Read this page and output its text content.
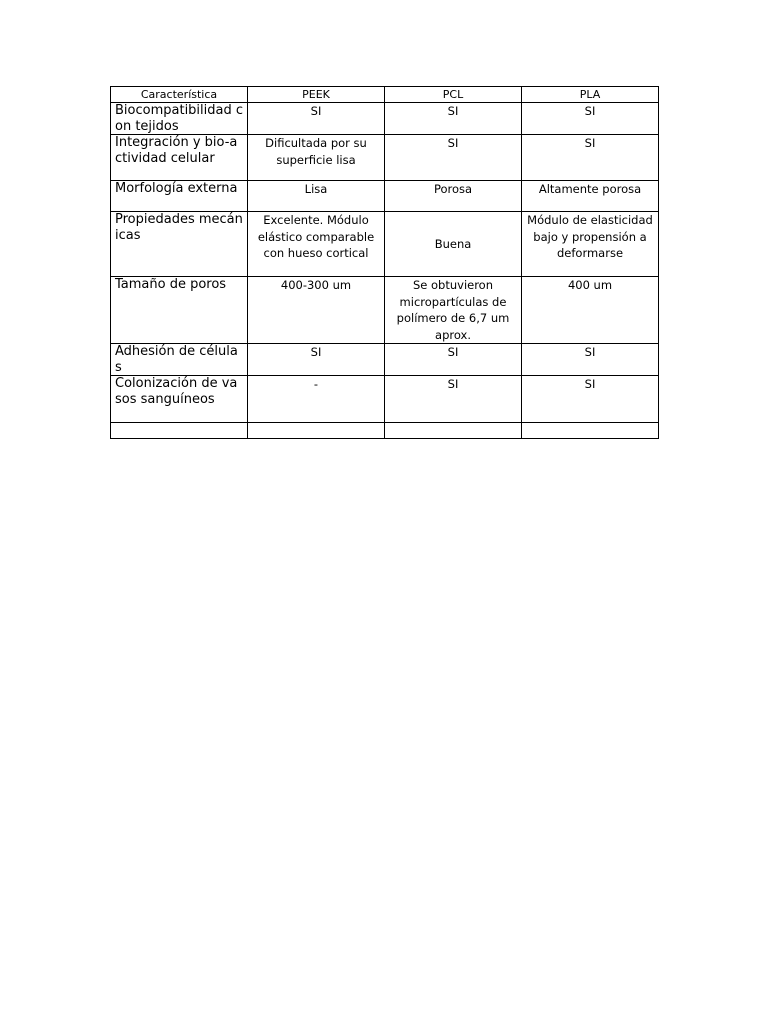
Característica	PEEK	PCL	PLA
Biocompatibilidad con tejidos	SI	SI	SI
Integración y bio-actividad celular	Dificultada por su superficie lisa	SI	SI
Morfología externa	Lisa	Porosa	Altamente porosa
Propiedades mecánicas	Excelente. Módulo elástico comparable con hueso cortical	Buena	Módulo de elasticidad bajo y propensión a deformarse
Tamaño de poros	400-300 um	Se obtuvieron micropartículas de polímero de 6,7 um aprox.	400 um
Adhesión de células	SI	SI	SI
Colonización de vasos sanguíneos	-	SI	SI
